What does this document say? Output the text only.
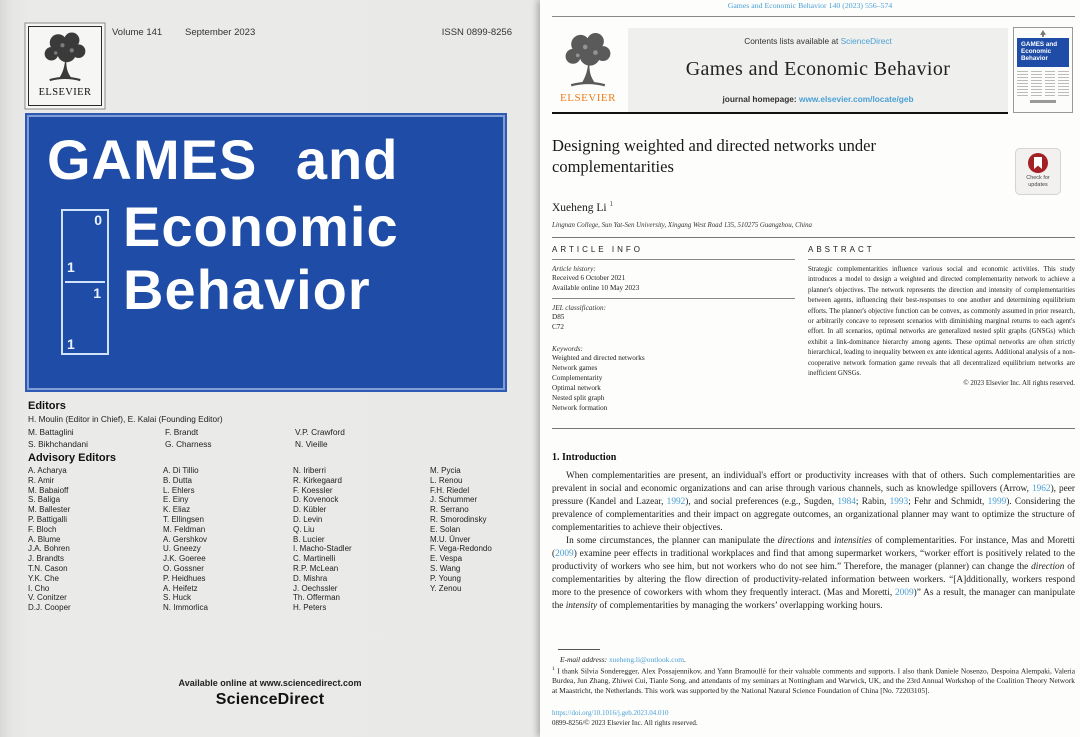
ELSEVIER
Volume 141 September 2023	ISSN 0899-8256
GAMES and
0
1
1
1
Economic
Behavior
Editors
H. Moulin (Editor in Chief), E. Kalai (Founding Editor)
M. Battaglini
S. Bikhchandani
F. Brandt
G. Charness
V.P. Crawford
N. Vieille
Advisory Editors
A. Acharya
R. Amir
M. Babaioff
S. Baliga
M. Ballester
P. Battigalli
F. Bloch
A. Blume
J.A. Bohren
J. Brandts
T.N. Cason
Y.K. Che
I. Cho
V. Conitzer
D.J. Cooper
A. Di Tillio
B. Dutta
L. Ehlers
E. Einy
K. Eliaz
T. Ellingsen
M. Feldman
A. Gershkov
U. Gneezy
J.K. Goeree
O. Gossner
P. Heidhues
A. Heifetz
S. Huck
N. Immorlica
N. Iriberri
R. Kirkegaard
F. Koessler
D. Kovenock
D. Kübler
D. Levin
Q. Liu
B. Lucier
I. Macho-Stadler
C. Martinelli
R.P. McLean
D. Mishra
J. Oechssler
Th. Offerman
H. Peters
M. Pycia
L. Renou
F.H. Riedel
J. Schummer
R. Serrano
R. Smorodinsky
E. Solan
M.U. Ünver
F. Vega-Redondo
E. Vespa
S. Wang
P. Young
Y. Zenou
Available online at www.sciencedirect.com
ScienceDirect
Games and Economic Behavior 140 (2023) 556–574
ELSEVIER
Contents lists available at ScienceDirect
Games and Economic Behavior
journal homepage: www.elsevier.com/locate/geb
GAMES and
Economic
Behavior
Designing weighted and directed networks under complementarities
Check for updates
Xueheng Li $^1$
Lingnan College, Sun Yat-Sen University, Xingang West Road 135, 510275 Guangzhou, China
ARTICLE INFO
Article history:
Received 6 October 2021
Available online 10 May 2023
JEL classification:
D85
C72
Keywords:
Weighted and directed networks
Network games
Complementarity
Optimal network
Nested split graph
Network formation
ABSTRACT
Strategic complementarities influence various social and economic activities. This study introduces a model to design a weighted and directed complementarity network to achieve a planner's objectives. The network represents the direction and intensity of complementarities between agents, influencing their best-responses to one another and determining equilibrium efforts. The planner's objective function can be convex, as commonly assumed in prior research, or arbitrarily concave to represent scenarios with diminishing marginal returns to each agent's effort. In all scenarios, optimal networks are generalized nested split graphs (GNSGs) which exhibit a link-dominance hierarchy among agents. These optimal networks are often strictly hierarchical, leading to inequality between ex ante identical agents. Additional analysis of a non-cooperative network formation game reveals that all decentralized equilibrium networks are inefficient GNSGs.
© 2023 Elsevier Inc. All rights reserved.
1. Introduction

When complementarities are present, an individual's effort or productivity increases with that of others. Such complementarities are prevalent in social and economic organizations and can arise through various channels, such as knowledge spillovers (Arrow, 1962), peer pressure (Kandel and Lazear, 1992), and social preferences (e.g., Sugden, 1984; Rabin, 1993; Fehr and Schmidt, 1999). Considering the prevalence of complementarities and their impact on aggregate outcomes, an organizational planner may want to optimize the structure of complementarities to achieve their objectives.

In some circumstances, the planner can manipulate the directions and intensities of complementarities. For instance, Mas and Moretti (2009) examine peer effects in traditional workplaces and find that among supermarket workers, “worker effort is positively related to the productivity of workers who see him, but not workers who do not see him.” Therefore, the manager (planner) can change the direction of complementarities by altering the flow direction of productivity-related information between workers. “[A]dditionally, workers respond more to the presence of coworkers with whom they frequently interact. (Mas and Moretti, 2009)” As a result, the manager can manipulate the intensity of complementarities by managing the workers’ overlapping working hours.

E-mail address: xueheng.li@outlook.com.
$^1$ I thank Silvia Sonderegger, Alex Possajennikov, and Yann Bramoullé for their valuable comments and supports. I also thank Daniele Nosenzo, Despoina Alempaki, Valeria Burdea, Jun Zhang, Zhiwei Cui, Tianle Song, and attendants of my seminars at Nottingham and Warwick, UK, and the 23rd Annual Workshop of the Coalition Theory Network at Maastricht, the Netherlands. This work was supported by the National Natural Science Foundation of China [No. 72203105].
https://doi.org/10.1016/j.geb.2023.04.010
0899-8256/© 2023 Elsevier Inc. All rights reserved.
